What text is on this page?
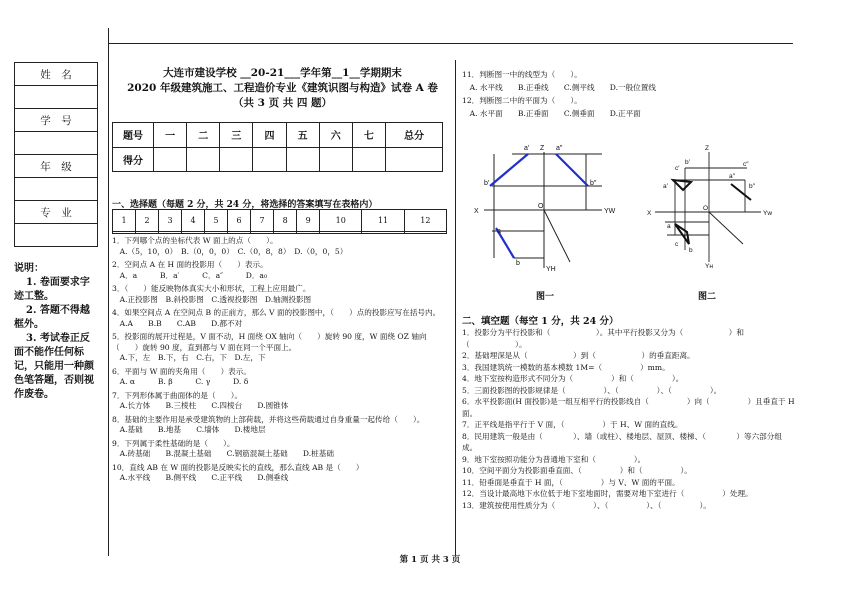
姓　名

学　号

年　级

专　业

说明：
1. 卷面要求字迹工整。
2. 答题不得越框外。
3. 考试卷正反面不能作任何标记，只能用一种颜色笔答题，否则视作废卷。
大连市建设学校 __20-21___学年第__1__学期期末
2020 年级建筑施工、工程造价专业《建筑识图与构造》试卷 A 卷
（共 3 页 共 四 题）
题号	一	二	三	四	五	六	七	总分
得分								
一、选择题（每题 2 分，共 24 分，将选择的答案填写在表格内）
1	2	3	4	5	6	7	8	9	10	11	12

1．下列哪个点的坐标代表 W 面上的点（　　）。
　A.（5，10，0）　B.（0，0，0）　C.（0，8，8）　D.（0，0，5）
2．空间点 A 在 H 面的投影用（　　）表示。
　A．a　　　B．a′　　　C．a″　　　D．a₀
3．（　　）能反映物体真实大小和形状，工程上应用最广。
　A.正投影图　B.斜投影图　C.透视投影图　D.轴测投影图
4．如果空间点 A 在空间点 B 的正前方，那么 V 面的投影图中，（　　）点的投影应写在括号内。
　A.A　　B.B　　C.AB　　D.都不对
5．投影面的展开过程是，V 面不动，H 面绕 OX 轴向（　　）旋转 90 度，W 面绕 OZ 轴向（　　）旋转 90 度，直到都与 V 面在同一个平面上。
　A.下，左　B.下，右　C.右，下　D.左，下
6．平面与 W 面的夹角用（　　）表示。
　A. α　　　B. β　　　C. γ　　　D. δ
7．下列形体属于曲面体的是（　　）。
　A.长方体　　B.三棱柱　　C.四棱台　　D.圆锥体
8．基础的主要作用是承受建筑物的上部荷载，并将这些荷载通过自身重量一起传给（　　）。
　A.基础　　B.地基　　C.墙体　　D.楼地层
9．下列属于柔性基础的是（　　）。
　A.砖基础　　B.混凝土基础　　C.钢筋混凝土基础　　D.桩基础
10．直线 AB 在 W 面的投影是反映实长的直线，那么直线 AB 是（　　）
　A.水平线　　B.侧平线　　C.正平线　　D.侧垂线
11．判断图一中的线型为（　　）。
　A. 水平线　　B.正垂线　　C.侧平线　　D.一般位置线
12．判断图二中的平面为（　　）。
　A. 水平面　　B.正垂面　　C.侧垂面　　D.正平面
Z
a′	a″
b′	b″
X
O
YW
a
b
YH
Z
c′
b′
a′
a″
c″
b″
X
O
Yw
a
b
c
Yн
图一	图二
二、填空题（每空 1 分，共 24 分）
1．投影分为平行投影和（　　　　　　）。其中平行投影又分为（　　　　　　）和（　　　　　　）。
2．基础埋深是从（　　　　　　）到（　　　　　　）的垂直距离。
3．我国建筑统一模数的基本模数 1M=（　　　　　）mm。
4．地下室按构造形式不同分为（　　　　　）和（　　　　　）。
5．三面投影图的投影规律是（　　　　　）、（　　　　　）、（　　　　　）。
6．水平投影面(H 面投影)是一组互相平行的投影线自（　　　　　）向（　　　　　）且垂直于 H 面。
7．正平线是指平行于 V 面，（　　　　　）于 H、W 面的直线。
8．民用建筑一般是由（　　　　）、墙（或柱）、楼地层、屋顶、楼梯、（　　　　）等六部分组成。
9．地下室按照功能分为普通地下室和（　　　　　）。
10．空间平面分为投影面垂直面、（　　　　　）和（　　　　　）。
11．铅垂面是垂直于 H 面，（　　　　　）与 V、W 面的平面。
12．当设计最高地下水位低于地下室地面时，需要对地下室进行（　　　　　）处理。
13．建筑按使用性质分为（　　　　　）、（　　　　　）、（　　　　　）。
第 1 页 共 3 页
